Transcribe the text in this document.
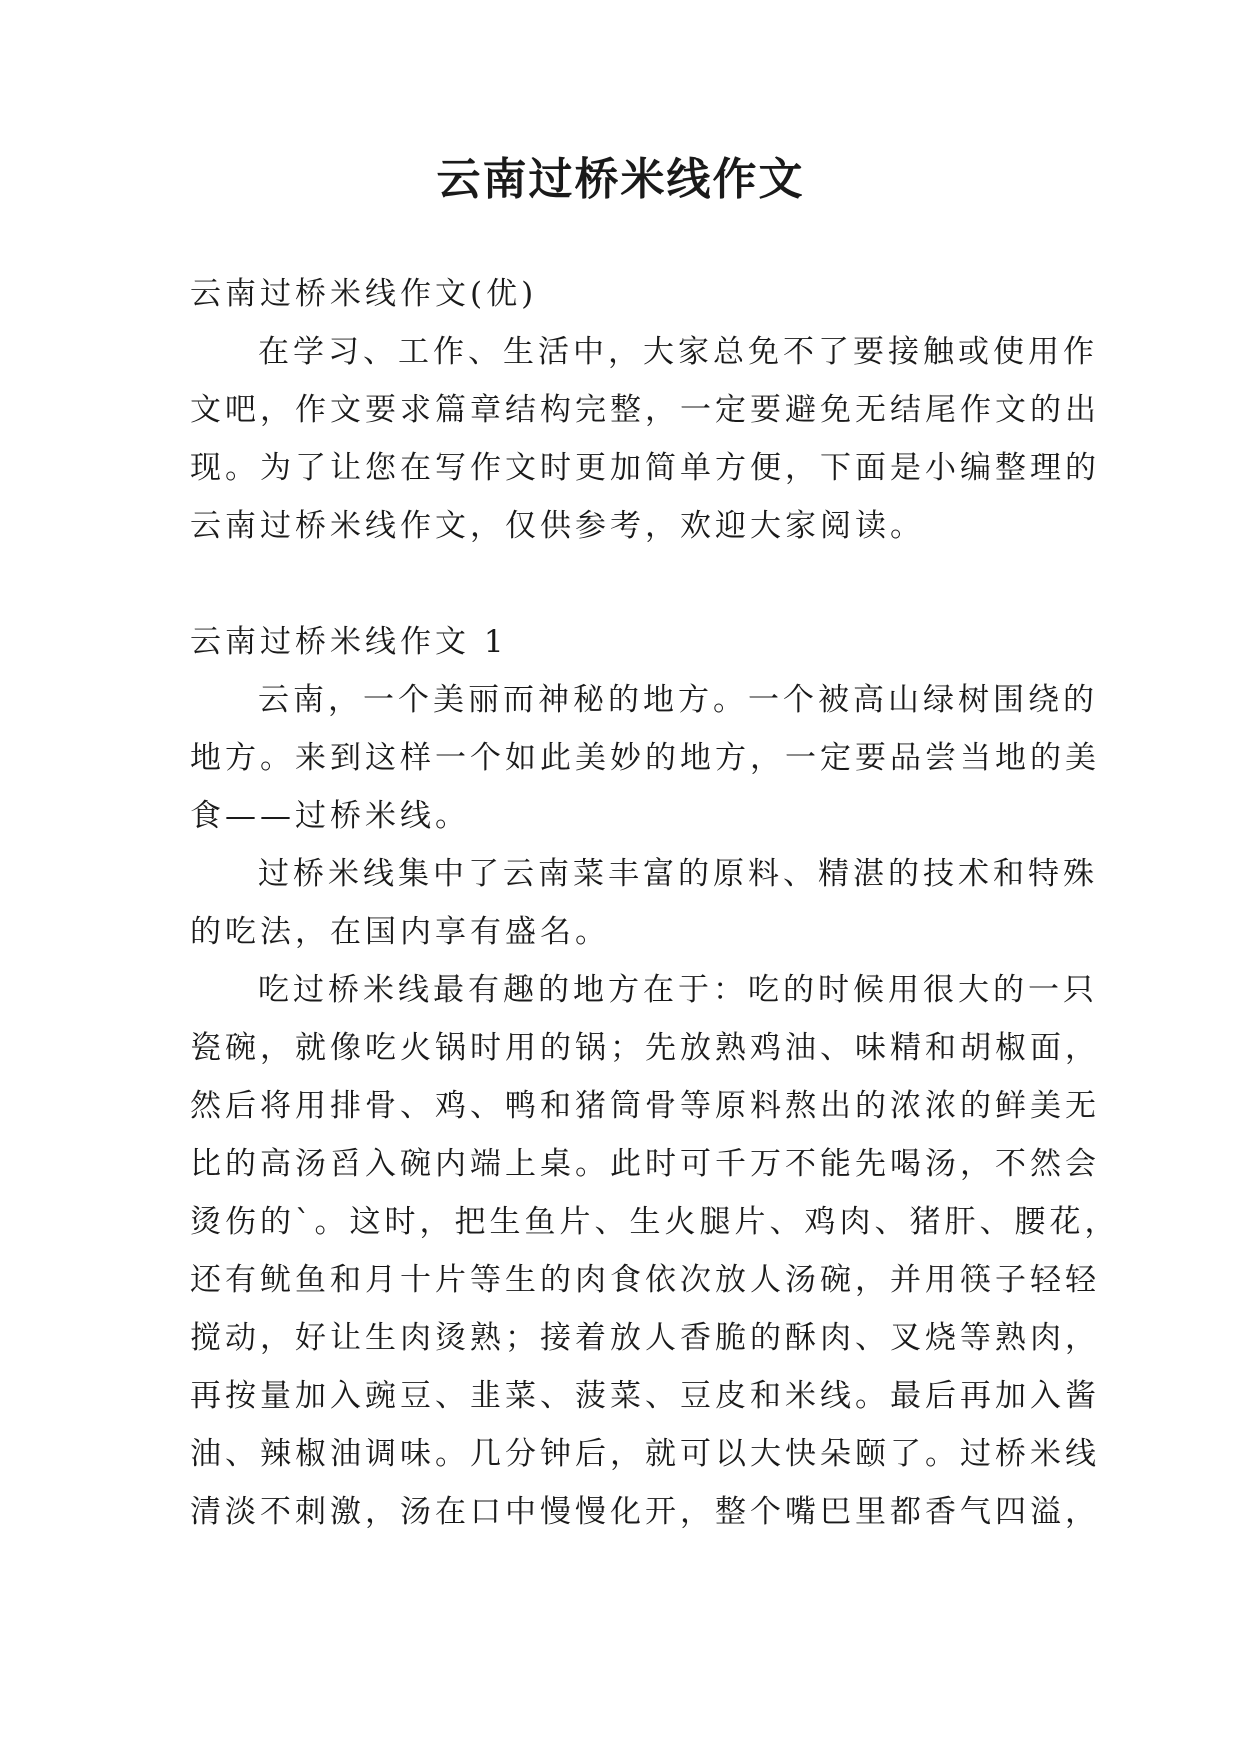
云南过桥米线作文

云南过桥米线作文(优)

在学习、工作、生活中，大家总免不了要接触或使用作

文吧，作文要求篇章结构完整，一定要避免无结尾作文的出

现。为了让您在写作文时更加简单方便，下面是小编整理的

云南过桥米线作文，仅供参考，欢迎大家阅读。

云南过桥米线作文 1

云南，一个美丽而神秘的地方。一个被高山绿树围绕的

地方。来到这样一个如此美妙的地方，一定要品尝当地的美

食——过桥米线。

过桥米线集中了云南菜丰富的原料、精湛的技术和特殊

的吃法，在国内享有盛名。

吃过桥米线最有趣的地方在于：吃的时候用很大的一只

瓷碗，就像吃火锅时用的锅；先放熟鸡油、味精和胡椒面，

然后将用排骨、鸡、鸭和猪筒骨等原料熬出的浓浓的鲜美无

比的高汤舀入碗内端上桌。此时可千万不能先喝汤，不然会

烫伤的`。这时，把生鱼片、生火腿片、鸡肉、猪肝、腰花，

还有鱿鱼和月十片等生的肉食依次放人汤碗，并用筷子轻轻

搅动，好让生肉烫熟；接着放人香脆的酥肉、叉烧等熟肉，

再按量加入豌豆、韭菜、菠菜、豆皮和米线。最后再加入酱

油、辣椒油调味。几分钟后，就可以大快朵颐了。过桥米线

清淡不刺激，汤在口中慢慢化开，整个嘴巴里都香气四溢，
